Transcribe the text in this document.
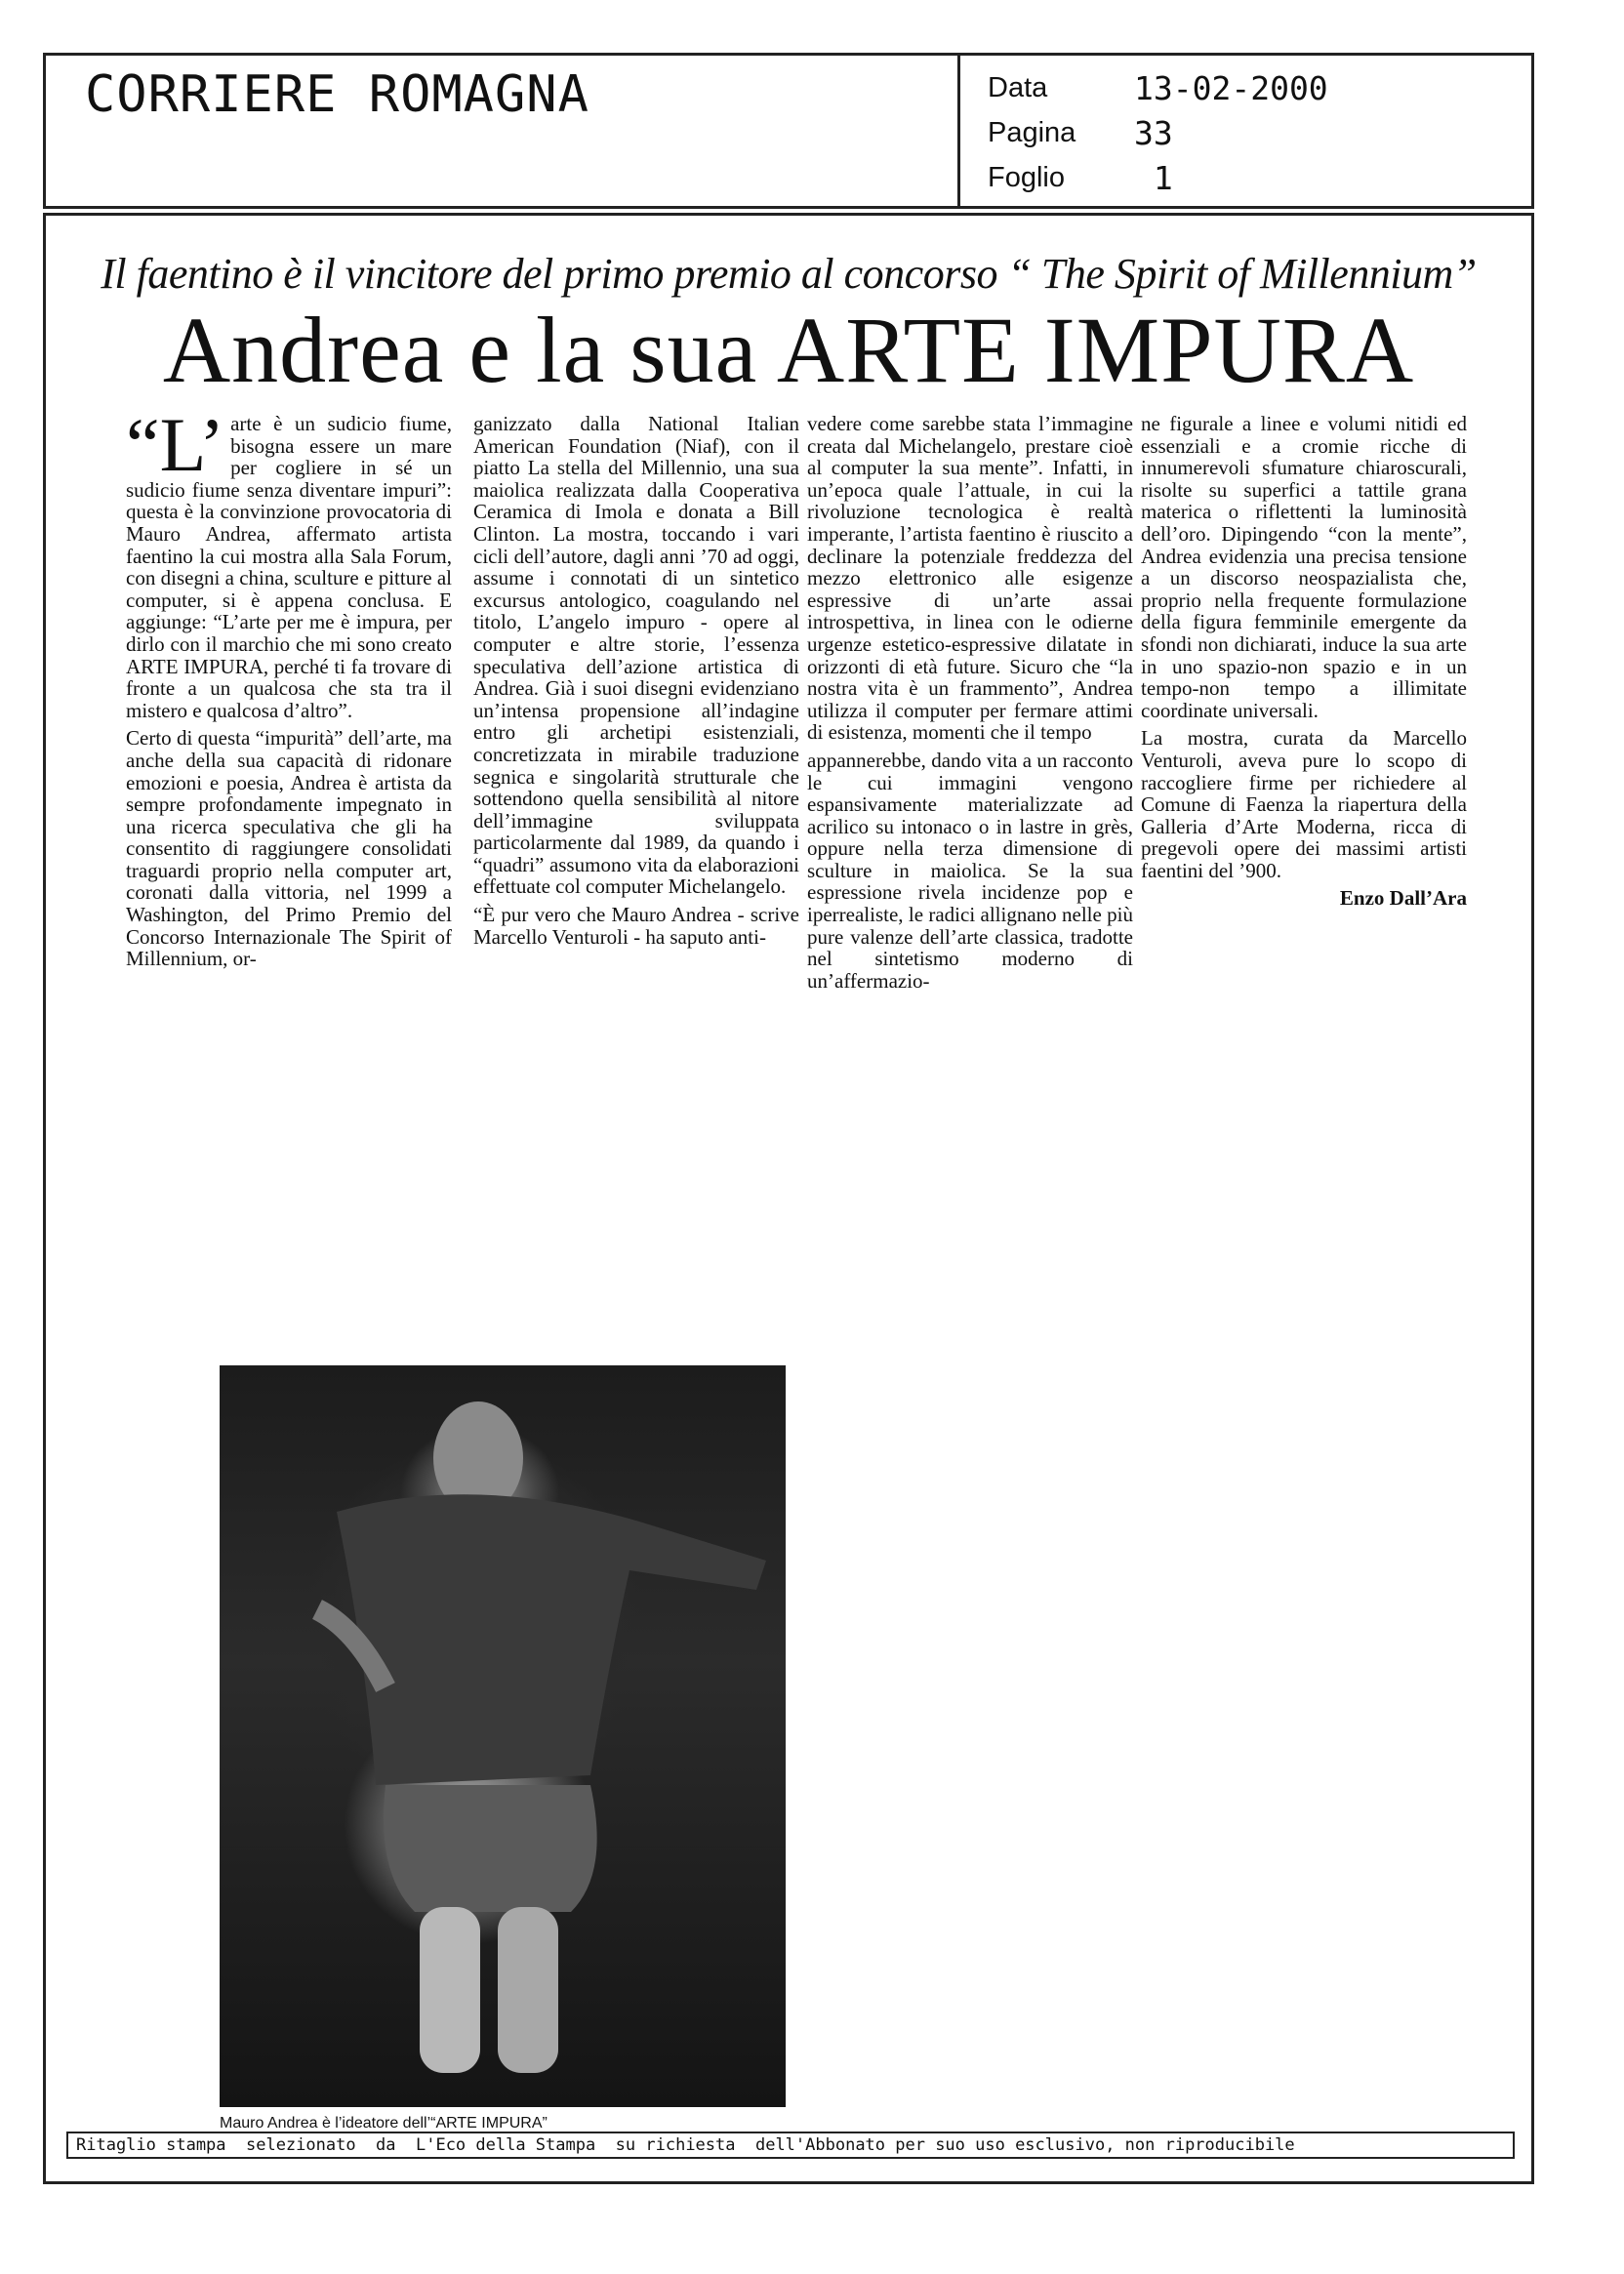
CORRIERE ROMAGNA	Data	13-02-2000
Pagina	33
Foglio	1
Il faentino è il vincitore del primo premio al concorso “ The Spirit of Millennium”
Andrea e la sua ARTE IMPURA

“L’ arte è un sudicio fiume, bisogna essere un mare per cogliere in sé un sudicio fiume senza diventare impuri”: questa è la convinzione provocatoria di Mauro Andrea, affermato artista faentino la cui mostra alla Sala Forum, con disegni a china, sculture e pitture al computer, si è appena conclusa. E aggiunge: “L’arte per me è impura, per dirlo con il marchio che mi sono creato ARTE IMPURA, perché ti fa trovare di fronte a un qualcosa che sta tra il mistero e qualcosa d’altro”.

Certo di questa “impurità” dell’arte, ma anche della sua capacità di ridonare emozioni e poesia, Andrea è artista da sempre profondamente impegnato in una ricerca speculativa che gli ha consentito di raggiungere consolidati traguardi proprio nella computer art, coronati dalla vittoria, nel 1999 a Washington, del Primo Premio del Concorso Internazionale The Spirit of Millennium, or-

ganizzato dalla National Italian American Foundation (Niaf), con il piatto La stella del Millennio, una sua maiolica realizzata dalla Cooperativa Ceramica di Imola e donata a Bill Clinton. La mostra, toccando i vari cicli dell’autore, dagli anni ’70 ad oggi, assume i connotati di un sintetico excursus antologico, coagulando nel titolo, L’angelo impuro - opere al computer e altre storie, l’essenza speculativa dell’azione artistica di Andrea. Già i suoi disegni evidenziano un’intensa propensione all’indagine entro gli archetipi esistenziali, concretizzata in mirabile traduzione segnica e singolarità strutturale che sottendono quella sensibilità al nitore dell’immagine sviluppata particolarmente dal 1989, da quando i “quadri” assumono vita da elaborazioni effettuate col computer Michelangelo.

“È pur vero che Mauro Andrea - scrive Marcello Venturoli - ha saputo anti-

vedere come sarebbe stata l’immagine creata dal Michelangelo, prestare cioè al computer la sua mente”. Infatti, in un’epoca quale l’attuale, in cui la rivoluzione tecnologica è realtà imperante, l’artista faentino è riuscito a declinare la potenziale freddezza del mezzo elettronico alle esigenze espressive di un’arte assai introspettiva, in linea con le odierne urgenze estetico-espressive dilatate in orizzonti di età future. Sicuro che “la nostra vita è un frammento”, Andrea utilizza il computer per fermare attimi di esistenza, momenti che il tempo

appannerebbe, dando vita a un racconto le cui immagini vengono espansivamente materializzate ad acrilico su intonaco o in lastre in grès, oppure nella terza dimensione di sculture in maiolica. Se la sua espressione rivela incidenze pop e iperrealiste, le radici allignano nelle più pure valenze dell’arte classica, tradotte nel sintetismo moderno di un’affermazio-

ne figurale a linee e volumi nitidi ed essenziali e a cromie ricche di innumerevoli sfumature chiaroscurali, risolte su superfici a tattile grana materica o riflettenti la luminosità dell’oro. Dipingendo “con la mente”, Andrea evidenzia una precisa tensione a un discorso neospazialista che, proprio nella frequente formulazione della figura femminile emergente da sfondi non dichiarati, induce la sua arte in uno spazio-non spazio e in un tempo-non tempo a illimitate coordinate universali.

La mostra, curata da Marcello Venturoli, aveva pure lo scopo di raccogliere firme per richiedere al Comune di Faenza la riapertura della Galleria d’Arte Moderna, ricca di pregevoli opere dei massimi artisti faentini del ’900.

Enzo Dall’Ara

Mauro Andrea è l’ideatore dell’“ARTE IMPURA”
Ritaglio stampa  selezionato  da  L'Eco della Stampa  su richiesta  dell'Abbonato per suo uso esclusivo, non riproducibile
